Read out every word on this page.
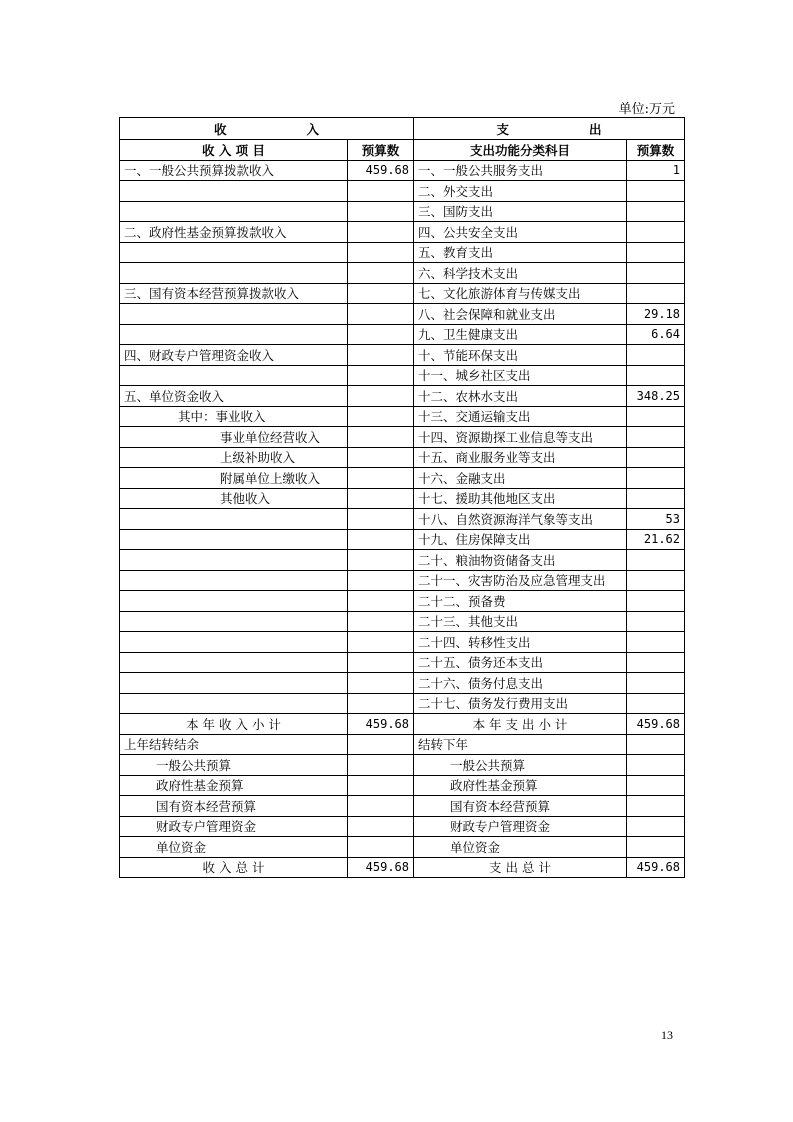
单位:万元
收 入		支 出	
收 入 项 目	预算数	支出功能分类科目	预算数
一、一般公共预算拨款收入	459.68	一、一般公共服务支出	1
		二、外交支出	
		三、国防支出	
二、政府性基金预算拨款收入		四、公共安全支出	
		五、教育支出	
		六、科学技术支出	
三、国有资本经营预算拨款收入		七、文化旅游体育与传媒支出	
		八、社会保障和就业支出	29.18
		九、卫生健康支出	6.64
四、财政专户管理资金收入		十、节能环保支出	
		十一、城乡社区支出	
五、单位资金收入		十二、农林水支出	348.25
其中：事业收入		十三、交通运输支出	
事业单位经营收入		十四、资源勘探工业信息等支出	
上级补助收入		十五、商业服务业等支出	
附属单位上缴收入		十六、金融支出	
其他收入		十七、援助其他地区支出	
		十八、自然资源海洋气象等支出	53
		十九、住房保障支出	21.62
		二十、粮油物资储备支出	
		二十一、灾害防治及应急管理支出	
		二十二、预备费	
		二十三、其他支出	
		二十四、转移性支出	
		二十五、债务还本支出	
		二十六、债务付息支出	
		二十七、债务发行费用支出	
本 年 收 入 小 计	459.68	本 年 支 出 小 计	459.68
上年结转结余		结转下年	
一般公共预算		一般公共预算	
政府性基金预算		政府性基金预算	
国有资本经营预算		国有资本经营预算	
财政专户管理资金		财政专户管理资金	
单位资金		单位资金	
收 入 总 计	459.68	支 出 总 计	459.68
13
